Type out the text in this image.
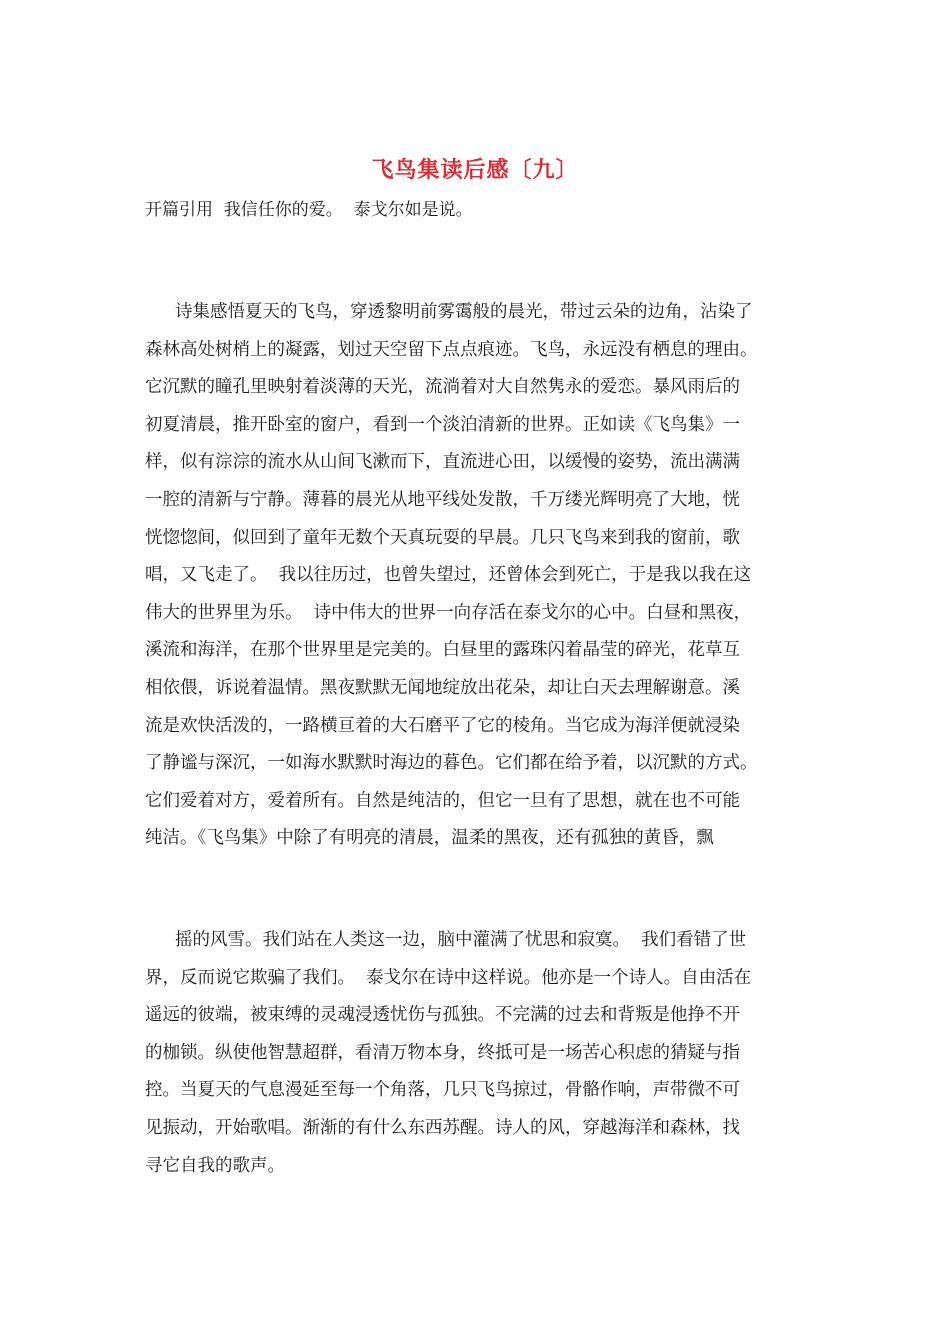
飞鸟集读后感〔九〕
开篇引用  我信任你的爱。  泰戈尔如是说。
诗集感悟夏天的飞鸟，穿透黎明前雾霭般的晨光，带过云朵的边角，沾染了
森林高处树梢上的凝露，划过天空留下点点痕迹。飞鸟，永远没有栖息的理由。
它沉默的瞳孔里映射着淡薄的天光，流淌着对大自然隽永的爱恋。暴风雨后的
初夏清晨，推开卧室的窗户，看到一个淡泊清新的世界。正如读《飞鸟集》一
样，似有淙淙的流水从山间飞漱而下，直流进心田，以缓慢的姿势，流出满满
一腔的清新与宁静。薄暮的晨光从地平线处发散，千万缕光辉明亮了大地，恍
恍惚惚间，似回到了童年无数个天真玩耍的早晨。几只飞鸟来到我的窗前，歌
唱，又飞走了。  我以往历过，也曾失望过，还曾体会到死亡，于是我以我在这
伟大的世界里为乐。  诗中伟大的世界一向存活在泰戈尔的心中。白昼和黑夜，
溪流和海洋，在那个世界里是完美的。白昼里的露珠闪着晶莹的碎光，花草互
相依偎，诉说着温情。黑夜默默无闻地绽放出花朵，却让白天去理解谢意。溪
流是欢快活泼的，一路横亘着的大石磨平了它的棱角。当它成为海洋便就浸染
了静谧与深沉，一如海水默默时海边的暮色。它们都在给予着，以沉默的方式。
它们爱着对方，爱着所有。自然是纯洁的，但它一旦有了思想，就在也不可能
纯洁。《飞鸟集》中除了有明亮的清晨，温柔的黑夜，还有孤独的黄昏，飘
摇的风雪。我们站在人类这一边，脑中灌满了忧思和寂寞。  我们看错了世
界，反而说它欺骗了我们。  泰戈尔在诗中这样说。他亦是一个诗人。自由活在
遥远的彼端，被束缚的灵魂浸透忧伤与孤独。不完满的过去和背叛是他挣不开
的枷锁。纵使他智慧超群，看清万物本身，终抵可是一场苦心积虑的猜疑与指
控。当夏天的气息漫延至每一个角落，几只飞鸟掠过，骨骼作响，声带微不可
见振动，开始歌唱。渐渐的有什么东西苏醒。诗人的风，穿越海洋和森林，找
寻它自我的歌声。
